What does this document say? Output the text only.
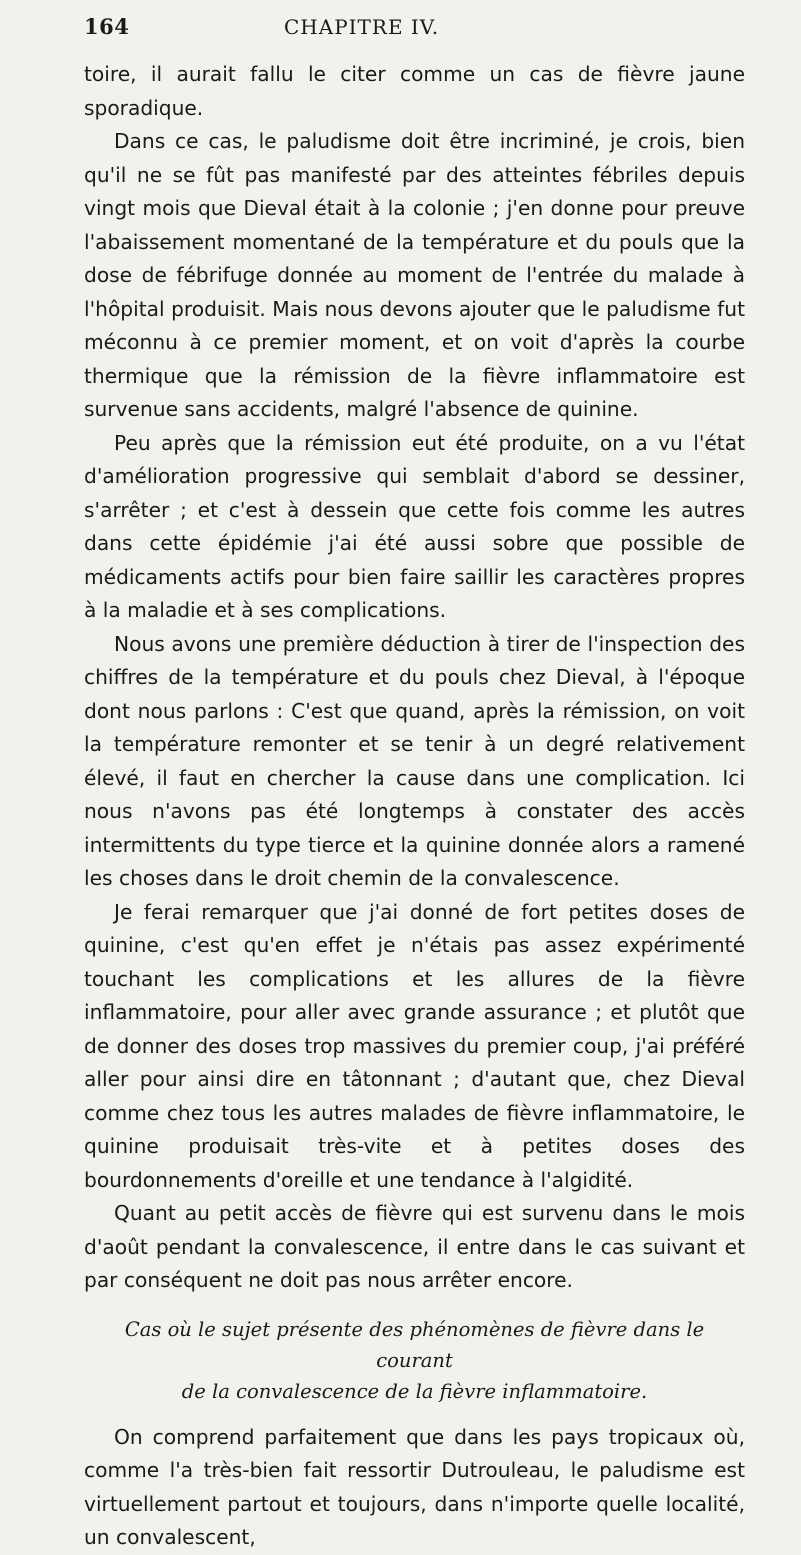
164	CHAPITRE IV.

toire, il aurait fallu le citer comme un cas de fièvre jaune sporadique.

Dans ce cas, le paludisme doit être incriminé, je crois, bien qu'il ne se fût pas manifesté par des atteintes fébriles depuis vingt mois que Dieval était à la colonie ; j'en donne pour preuve l'abaissement momentané de la température et du pouls que la dose de fébrifuge donnée au moment de l'entrée du malade à l'hôpital produisit. Mais nous devons ajouter que le paludisme fut méconnu à ce premier moment, et on voit d'après la courbe thermique que la rémission de la fièvre inflammatoire est survenue sans accidents, malgré l'absence de quinine.

Peu après que la rémission eut été produite, on a vu l'état d'amélioration progressive qui semblait d'abord se dessiner, s'arrêter ; et c'est à dessein que cette fois comme les autres dans cette épidémie j'ai été aussi sobre que possible de médicaments actifs pour bien faire saillir les caractères propres à la maladie et à ses complications.

Nous avons une première déduction à tirer de l'inspection des chiffres de la température et du pouls chez Dieval, à l'époque dont nous parlons : C'est que quand, après la rémission, on voit la température remonter et se tenir à un degré relativement élevé, il faut en chercher la cause dans une complication. Ici nous n'avons pas été longtemps à constater des accès intermittents du type tierce et la quinine donnée alors a ramené les choses dans le droit chemin de la convalescence.

Je ferai remarquer que j'ai donné de fort petites doses de quinine, c'est qu'en effet je n'étais pas assez expérimenté touchant les complications et les allures de la fièvre inflammatoire, pour aller avec grande assurance ; et plutôt que de donner des doses trop massives du premier coup, j'ai préféré aller pour ainsi dire en tâtonnant ; d'autant que, chez Dieval comme chez tous les autres malades de fièvre inflammatoire, le quinine produisait très-vite et à petites doses des bourdonnements d'oreille et une tendance à l'algidité.

Quant au petit accès de fièvre qui est survenu dans le mois d'août pendant la convalescence, il entre dans le cas suivant et par conséquent ne doit pas nous arrêter encore.

Cas où le sujet présente des phénomènes de fièvre dans le courant
de la convalescence de la fièvre inflammatoire.

On comprend parfaitement que dans les pays tropicaux où, comme l'a très-bien fait ressortir Dutrouleau, le paludisme est virtuellement partout et toujours, dans n'importe quelle localité, un convalescent,
